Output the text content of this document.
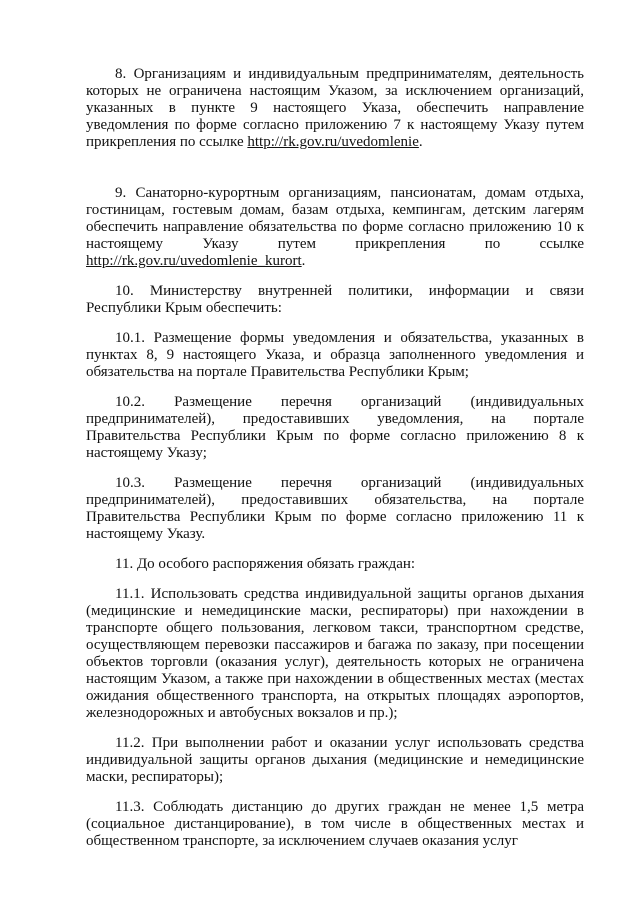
8. Организациям и индивидуальным предпринимателям, деятельность которых не ограничена настоящим Указом, за исключением организаций, указанных в пункте 9 настоящего Указа, обеспечить направление уведомления по форме согласно приложению 7 к настоящему Указу путем прикрепления по ссылке http://rk.gov.ru/uvedomlenie.

9. Санаторно-курортным организациям, пансионатам, домам отдыха, гостиницам, гостевым домам, базам отдыха, кемпингам, детским лагерям обеспечить направление обязательства по форме согласно приложению 10 к настоящему Указу путем прикрепления по ссылке http://rk.gov.ru/uvedomlenie_kurort.

10. Министерству внутренней политики, информации и связи Республики Крым обеспечить:

10.1. Размещение формы уведомления и обязательства, указанных в пунктах 8, 9 настоящего Указа, и образца заполненного уведомления и обязательства на портале Правительства Республики Крым;

10.2. Размещение перечня организаций (индивидуальных предпринимателей), предоставивших уведомления, на портале Правительства Республики Крым по форме согласно приложению 8 к настоящему Указу;

10.3. Размещение перечня организаций (индивидуальных предпринимателей), предоставивших обязательства, на портале Правительства Республики Крым по форме согласно приложению 11 к настоящему Указу.

11. До особого распоряжения обязать граждан:

11.1. Использовать средства индивидуальной защиты органов дыхания (медицинские и немедицинские маски, респираторы) при нахождении в транспорте общего пользования, легковом такси, транспортном средстве, осуществляющем перевозки пассажиров и багажа по заказу, при посещении объектов торговли (оказания услуг), деятельность которых не ограничена настоящим Указом, а также при нахождении в общественных местах (местах ожидания общественного транспорта, на открытых площадях аэропортов, железнодорожных и автобусных вокзалов и пр.);

11.2. При выполнении работ и оказании услуг использовать средства индивидуальной защиты органов дыхания (медицинские и немедицинские маски, респираторы);

11.3. Соблюдать дистанцию до других граждан не менее 1,5 метра (социальное дистанцирование), в том числе в общественных местах и общественном транспорте, за исключением случаев оказания услуг
